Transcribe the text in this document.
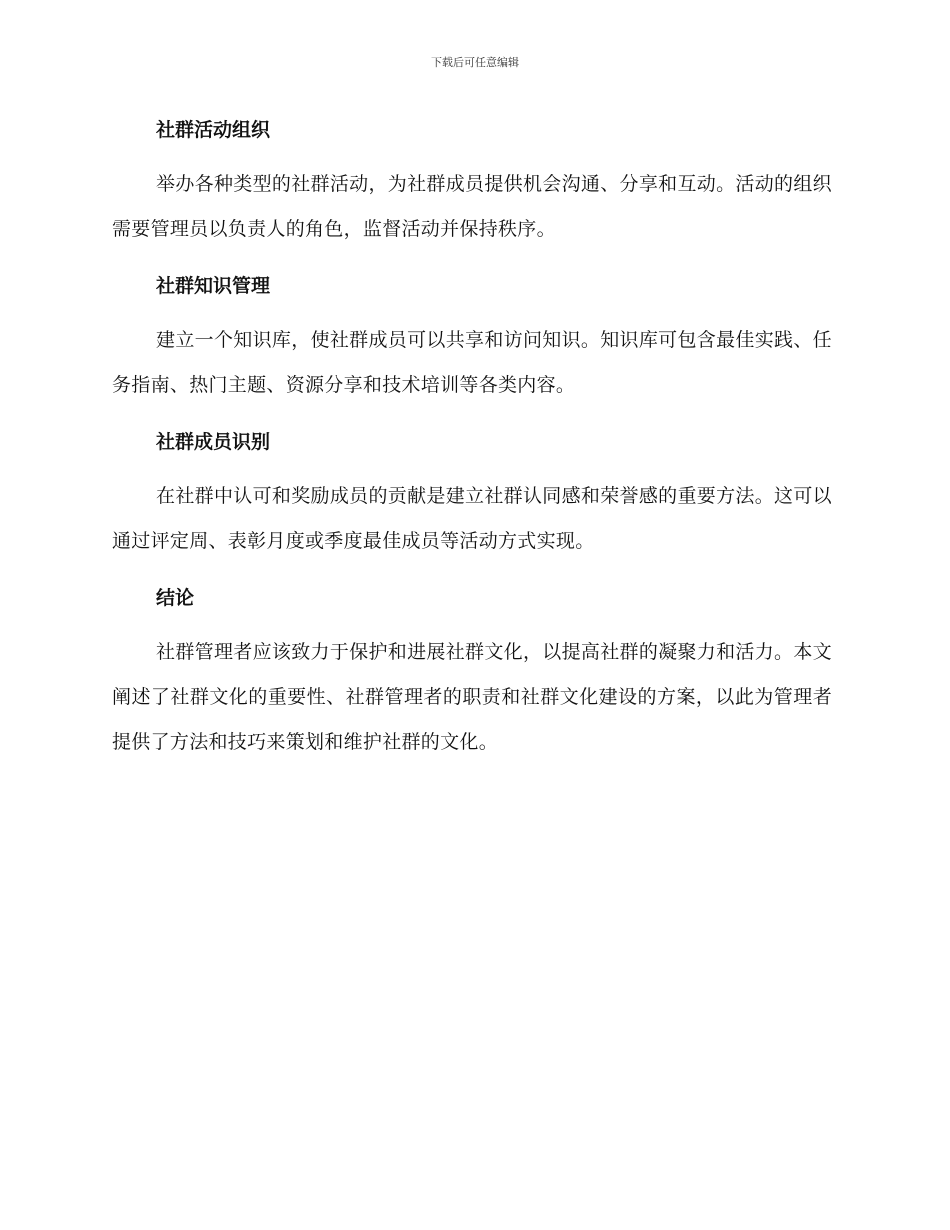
下载后可任意编辑
社群活动组织

举办各种类型的社群活动，为社群成员提供机会沟通、分享和互动。活动的组织需要管理员以负责人的角色，监督活动并保持秩序。

社群知识管理

建立一个知识库，使社群成员可以共享和访问知识。知识库可包含最佳实践、任务指南、热门主题、资源分享和技术培训等各类内容。

社群成员识别

在社群中认可和奖励成员的贡献是建立社群认同感和荣誉感的重要方法。这可以通过评定周、表彰月度或季度最佳成员等活动方式实现。

结论

社群管理者应该致力于保护和进展社群文化，以提高社群的凝聚力和活力。本文阐述了社群文化的重要性、社群管理者的职责和社群文化建设的方案，以此为管理者提供了方法和技巧来策划和维护社群的文化。
